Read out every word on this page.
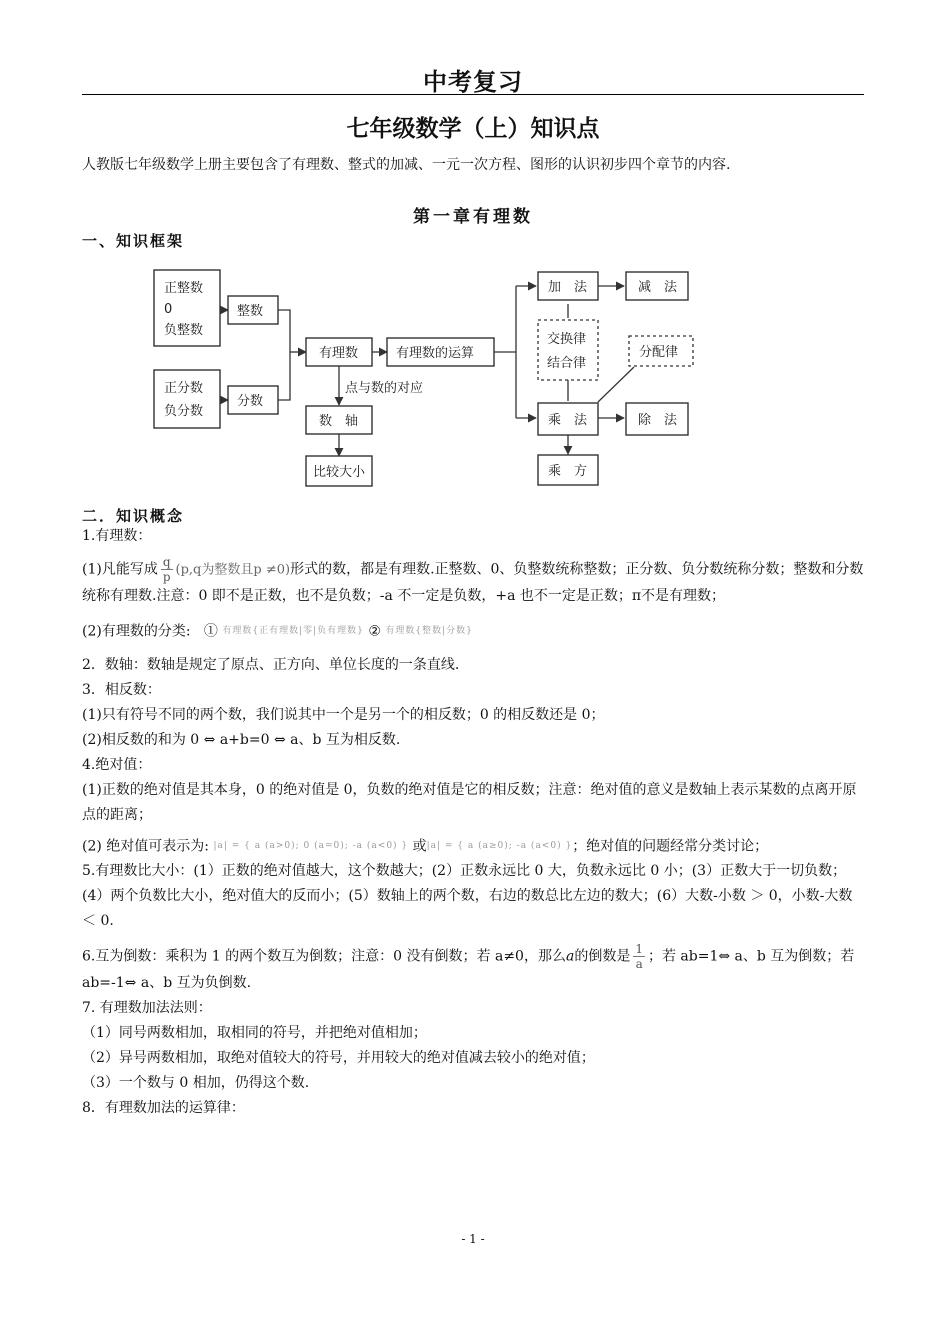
中考复习
七年级数学（上）知识点
人教版七年级数学上册主要包含了有理数、整式的加减、一元一次方程、图形的认识初步四个章节的内容.
第一章有理数
一、知识框架
正整数
0
负整数
整数
正分数
负分数
分数
有理数	有理数的运算
点与数的对应
数　轴
比较大小
加　法	减　法
交换律
结合律
分配律
乘　法	除　法
乘　方
二．知识概念

1.有理数：

(1)凡能写成 $\frac{q}{p} (p,q$为整数且p ≠0)形式的数，都是有理数.正整数、0、负整数统称整数；正分数、负分数统称分数；整数和分数统称有理数.注意：0 即不是正数，也不是负数；-a 不一定是负数，+a 也不一定是正数；π不是有理数；

(2)有理数的分类: ① 有理数{正有理数|零|负有理数} ② 有理数{整数|分数}

2．数轴：数轴是规定了原点、正方向、单位长度的一条直线.

3．相反数：

(1)只有符号不同的两个数，我们说其中一个是另一个的相反数；0 的相反数还是 0；

(2)相反数的和为 0 ⇔ a+b=0 ⇔ a、b 互为相反数.

4.绝对值：

(1)正数的绝对值是其本身，0 的绝对值是 0，负数的绝对值是它的相反数；注意：绝对值的意义是数轴上表示某数的点离开原点的距离；

(2) 绝对值可表示为: |a| = { a (a>0); 0 (a=0); -a (a<0) } 或|a| = { a (a≥0); -a (a<0) }；绝对值的问题经常分类讨论；

5.有理数比大小：(1）正数的绝对值越大，这个数越大；(2）正数永远比 0 大，负数永远比 0 小；(3）正数大于一切负数；(4）两个负数比大小，绝对值大的反而小；(5）数轴上的两个数，右边的数总比左边的数大；(6）大数-小数 ＞ 0，小数-大数 ＜ 0.

6.互为倒数：乘积为 1 的两个数互为倒数；注意：0 没有倒数；若 a≠0，那么a的倒数是 $\frac{1}{a}$ ；若 ab=1⇔ a、b 互为倒数；若 ab=-1⇔ a、b 互为负倒数.

7. 有理数加法法则：

（1）同号两数相加，取相同的符号，并把绝对值相加；

（2）异号两数相加，取绝对值较大的符号，并用较大的绝对值减去较小的绝对值；

（3）一个数与 0 相加，仍得这个数.

8．有理数加法的运算律：

- 1 -
